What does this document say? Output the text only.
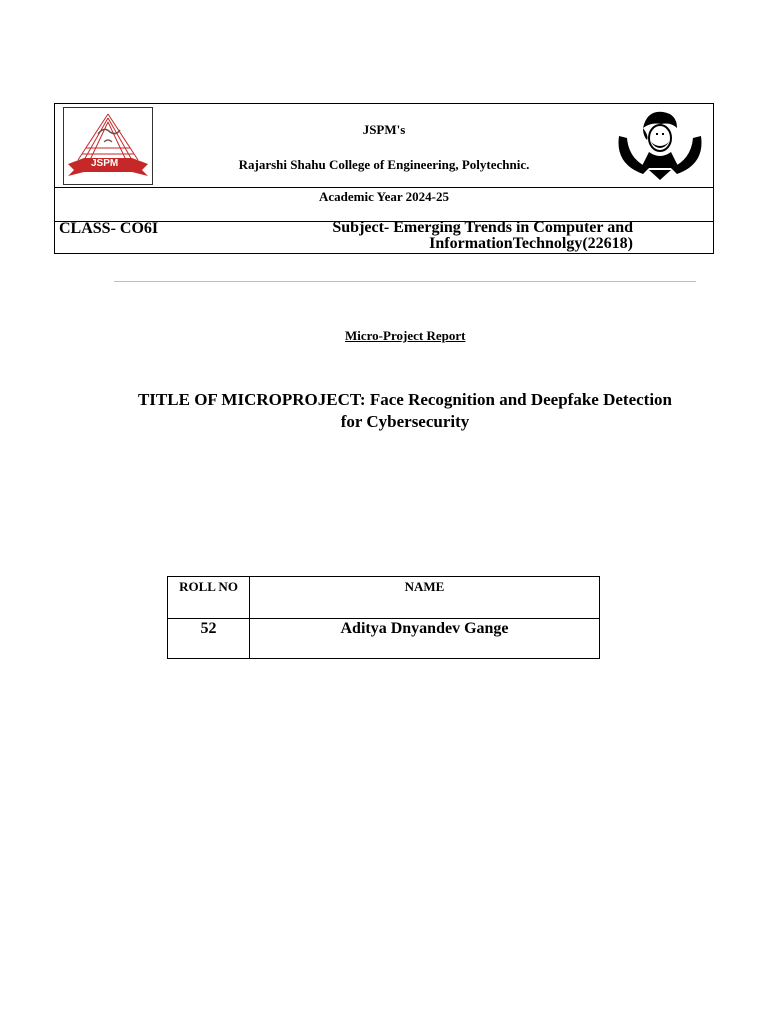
JSPM
JSPM's
Rajarshi Shahu College of Engineering, Polytechnic.
Academic Year 2024-25
CLASS- CO6I	Subject- Emerging Trends in Computer and
InformationTechnolgy(22618)
Micro-Project Report
TITLE OF MICROPROJECT: Face Recognition and Deepfake Detection
for Cybersecurity
ROLL NO	NAME
52	Aditya Dnyandev Gange
